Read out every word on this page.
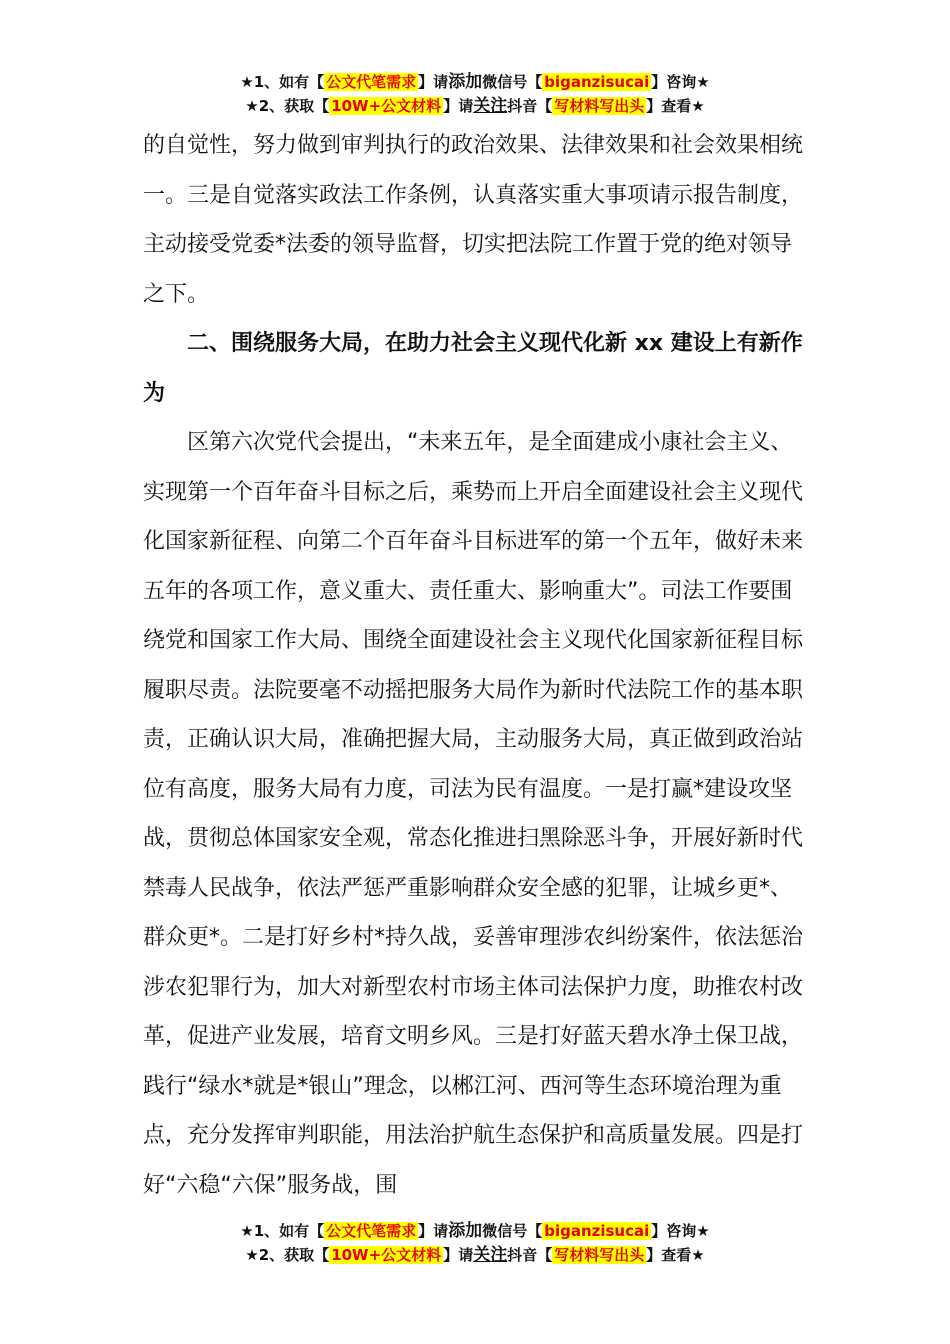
★1、如有【 公文代笔需求 】请添加微信号【 biganzisucai 】咨询★
★2、获取【 10W+公文材料 】请关注抖音【 写材料写出头 】查看★

的自觉性，努力做到审判执行的政治效果、法律效果和社会效果相统一。三是自觉落实政法工作条例，认真落实重大事项请示报告制度，主动接受党委*法委的领导监督，切实把法院工作置于党的绝对领导之下。

二、围绕服务大局，在助力社会主义现代化新 xx 建设上有新作为

区第六次党代会提出，“未来五年，是全面建成小康社会主义、实现第一个百年奋斗目标之后，乘势而上开启全面建设社会主义现代化国家新征程、向第二个百年奋斗目标进军的第一个五年，做好未来五年的各项工作，意义重大、责任重大、影响重大”。司法工作要围绕党和国家工作大局、围绕全面建设社会主义现代化国家新征程目标履职尽责。法院要毫不动摇把服务大局作为新时代法院工作的基本职责，正确认识大局，准确把握大局，主动服务大局，真正做到政治站位有高度，服务大局有力度，司法为民有温度。一是打赢*建设攻坚战，贯彻总体国家安全观，常态化推进扫黑除恶斗争，开展好新时代禁毒人民战争，依法严惩严重影响群众安全感的犯罪，让城乡更*、群众更*。二是打好乡村*持久战，妥善审理涉农纠纷案件，依法惩治涉农犯罪行为，加大对新型农村市场主体司法保护力度，助推农村改革，促进产业发展，培育文明乡风。三是打好蓝天碧水净土保卫战，践行“绿水*就是*银山”理念，以郴江河、西河等生态环境治理为重点，充分发挥审判职能，用法治护航生态保护和高质量发展。四是打好“六稳“六保”服务战，围

★1、如有【 公文代笔需求 】请添加微信号【 biganzisucai 】咨询★
★2、获取【 10W+公文材料 】请关注抖音【 写材料写出头 】查看★
